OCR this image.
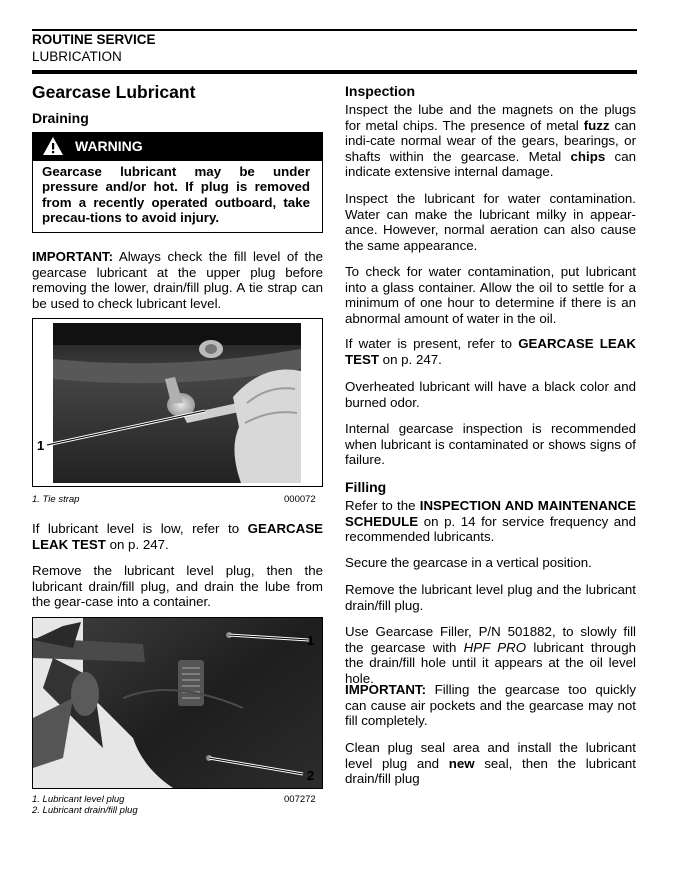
ROUTINE SERVICE
LUBRICATION
Gearcase Lubricant
Draining
WARNING
Gearcase lubricant may be under pressure and/or hot. If plug is removed from a recently operated outboard, take precau-tions to avoid injury.
IMPORTANT: Always check the fill level of the gearcase lubricant at the upper plug before removing the lower, drain/fill plug. A tie strap can be used to check lubricant level.
1
1. Tie strap	000072
If lubricant level is low, refer to GEARCASE LEAK TEST on p. 247.
Remove the lubricant level plug, then the lubricant drain/fill plug, and drain the lube from the gear-case into a container.
1
2
1. Lubricant level plug
2. Lubricant drain/fill plug
007272
Inspection
Inspect the lube and the magnets on the plugs for metal chips. The presence of metal fuzz can indi-cate normal wear of the gears, bearings, or shafts within the gearcase. Metal chips can indicate extensive internal damage.
Inspect the lubricant for water contamination. Water can make the lubricant milky in appear-ance. However, normal aeration can also cause the same appearance.
To check for water contamination, put lubricant into a glass container. Allow the oil to settle for a minimum of one hour to determine if there is an abnormal amount of water in the oil.
If water is present, refer to GEARCASE LEAK TEST on p. 247.
Overheated lubricant will have a black color and burned odor.
Internal gearcase inspection is recommended when lubricant is contaminated or shows signs of failure.
Filling
Refer to the INSPECTION AND MAINTENANCE SCHEDULE on p. 14 for service frequency and recommended lubricants.
Secure the gearcase in a vertical position.
Remove the lubricant level plug and the lubricant drain/fill plug.
Use Gearcase Filler, P/N 501882, to slowly fill the gearcase with HPF PRO lubricant through the drain/fill hole until it appears at the oil level hole.
IMPORTANT: Filling the gearcase too quickly can cause air pockets and the gearcase may not fill completely.
Clean plug seal area and install the lubricant level plug and new seal, then the lubricant drain/fill plug
